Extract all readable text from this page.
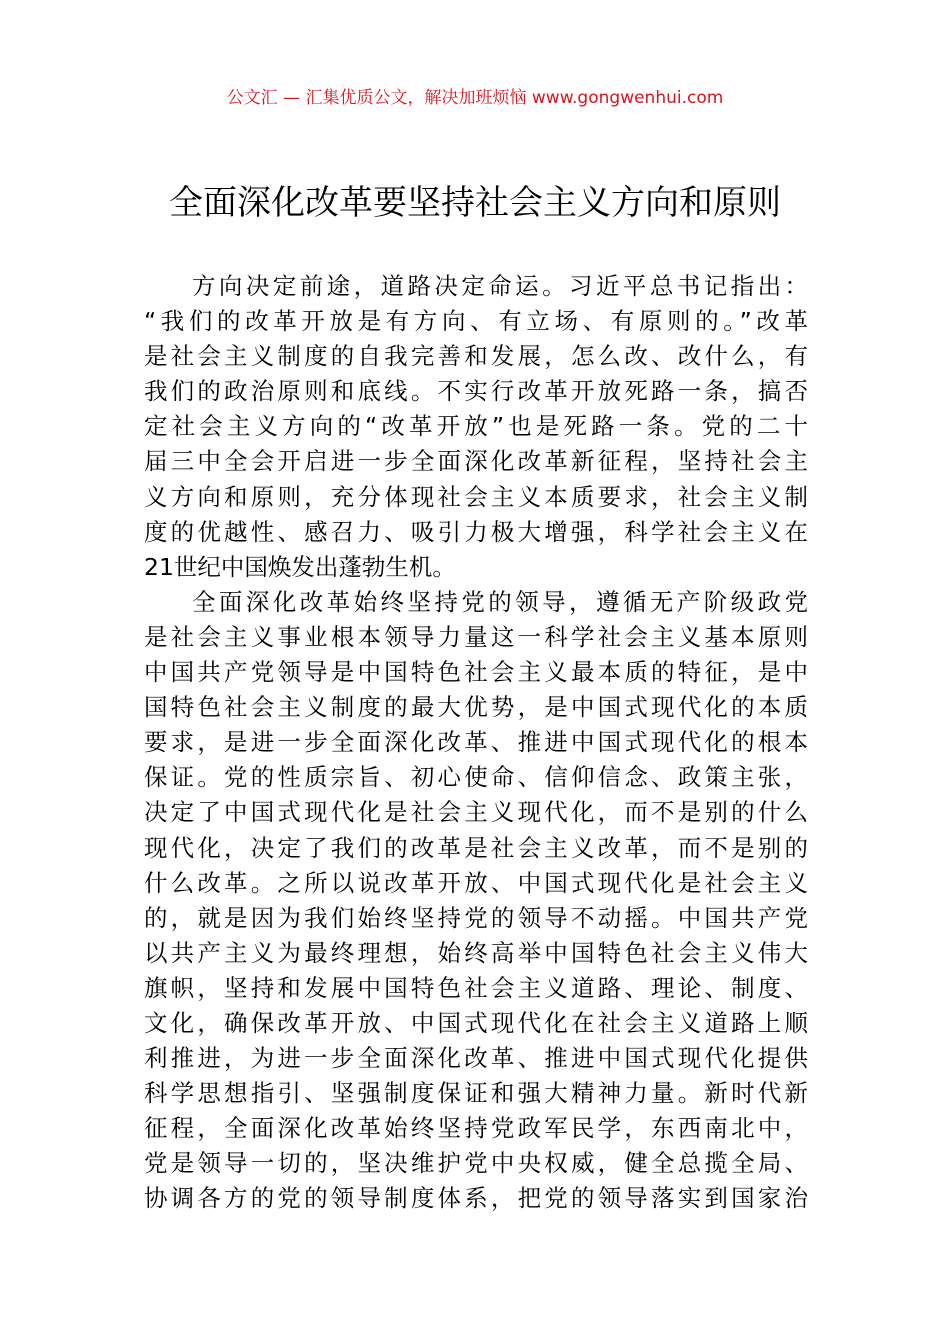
公文汇 — 汇集优质公文，解决加班烦恼 www.gongwenhui.com
全面深化改革要坚持社会主义方向和原则
方向决定前途，道路决定命运。习近平总书记指出：
“我们的改革开放是有方向、有立场、有原则的。”改革
是社会主义制度的自我完善和发展，怎么改、改什么，有
我们的政治原则和底线。不实行改革开放死路一条，搞否
定社会主义方向的“改革开放”也是死路一条。党的二十
届三中全会开启进一步全面深化改革新征程，坚持社会主
义方向和原则，充分体现社会主义本质要求，社会主义制
度的优越性、感召力、吸引力极大增强，科学社会主义在
21世纪中国焕发出蓬勃生机。
全面深化改革始终坚持党的领导，遵循无产阶级政党
是社会主义事业根本领导力量这一科学社会主义基本原则
中国共产党领导是中国特色社会主义最本质的特征，是中
国特色社会主义制度的最大优势，是中国式现代化的本质
要求，是进一步全面深化改革、推进中国式现代化的根本
保证。党的性质宗旨、初心使命、信仰信念、政策主张，
决定了中国式现代化是社会主义现代化，而不是别的什么
现代化，决定了我们的改革是社会主义改革，而不是别的
什么改革。之所以说改革开放、中国式现代化是社会主义
的，就是因为我们始终坚持党的领导不动摇。中国共产党
以共产主义为最终理想，始终高举中国特色社会主义伟大
旗帜，坚持和发展中国特色社会主义道路、理论、制度、
文化，确保改革开放、中国式现代化在社会主义道路上顺
利推进，为进一步全面深化改革、推进中国式现代化提供
科学思想指引、坚强制度保证和强大精神力量。新时代新
征程，全面深化改革始终坚持党政军民学，东西南北中，
党是领导一切的，坚决维护党中央权威，健全总揽全局、
协调各方的党的领导制度体系，把党的领导落实到国家治
